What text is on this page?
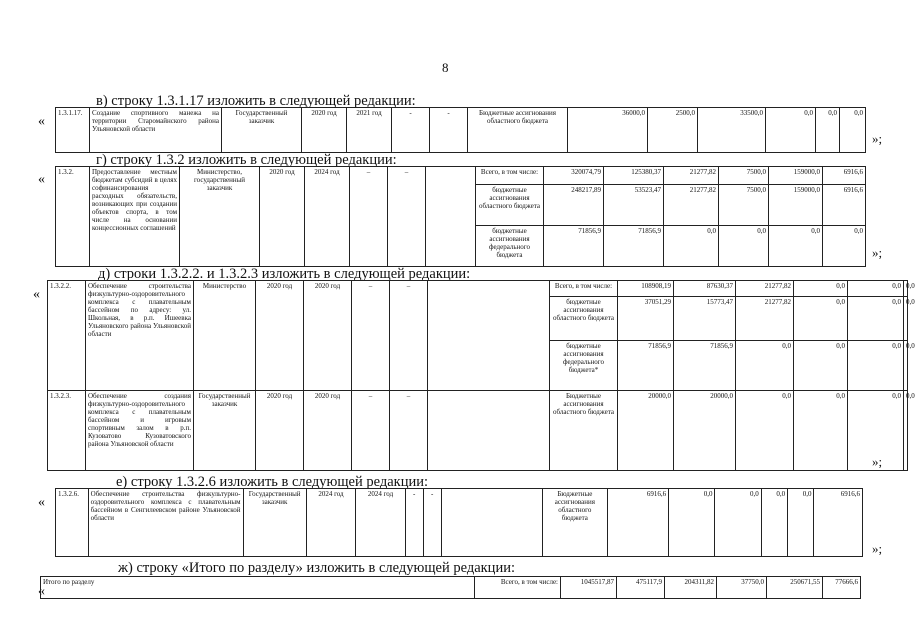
8
в) строку 1.3.1.17 изложить в следующей редакции:
«
1.3.1.17.	Создание спортивного манежа на территории Старомайнского района Ульяновской области	Государственный заказчик	2020 год	2021 год	-	-	Бюджетные ассигнования областного бюджета	36000,0	2500,0	33500,0	0,0	0,0	0,0	
»;
г) строку 1.3.2 изложить в следующей редакции:
« 1.3.2.	Предоставление местным бюджетам субсидий в целях софинансирования расходных обязательств, возникающих при создании объектов спорта, в том числе на основании концессионных соглашений	Министерство, государственный заказчик	2020 год	2024 год	–	–		Всего, в том числе:	320074,79	125380,37	21277,82	7500,0	159000,0	6916,6
								бюджетные ассигнования областного бюджета	248217,89	53523,47	21277,82	7500,0	159000,0	6916,6
								бюджетные ассигнования федерального бюджета	71856,9	71856,9	0,0	0,0	0,0	0,0
»;
д) строки 1.3.2.2. и 1.3.2.3 изложить в следующей редакции:
«
1.3.2.2.	Обеспечение строительства физкультурно-оздоровительного комплекса с плавательным бассейном по адресу: ул. Школьная, в р.п. Ишеевка Ульяновского района Ульяновской области	Министерство	2020 год	2020 год	–	–		Всего, в том числе:	108908,19	87630,37	21277,82	0,0	0,0	0,0
								бюджетные ассигнования областного бюджета	37051,29	15773,47	21277,82	0,0	0,0	0,0
								бюджетные ассигнования федерального бюджета*	71856,9	71856,9	0,0	0,0	0,0	0,0
1.3.2.3.	Обеспечение создания физкультурно-оздоровительного комплекса с плавательным бассейном и игровым спортивным залом в р.п. Кузоватово Кузоватовского района Ульяновской области	Государственный заказчик	2020 год	2020 год	–	–		Бюджетные ассигнования областного бюджета	20000,0	20000,0	0,0	0,0	0,0	0,0
»;
е) строку 1.3.2.6 изложить в следующей редакции:
«
1.3.2.6.	Обеспечение строительства физкультурно-оздоровительного комплекса с плавательным бассейном в Сенгилеевском районе Ульяновской области	Государственный заказчик	2024 год	2024 год	-	-		Бюджетные ассигнования областного бюджета	6916,6	0,0	0,0	0,0	0,0	6916,6
»;
ж) строку «Итого по разделу» изложить в следующей редакции:
«
Итого по разделу	Всего, в том числе:	1045517,87	475117,9	204311,82	37750,0	250671,55	77666,6
